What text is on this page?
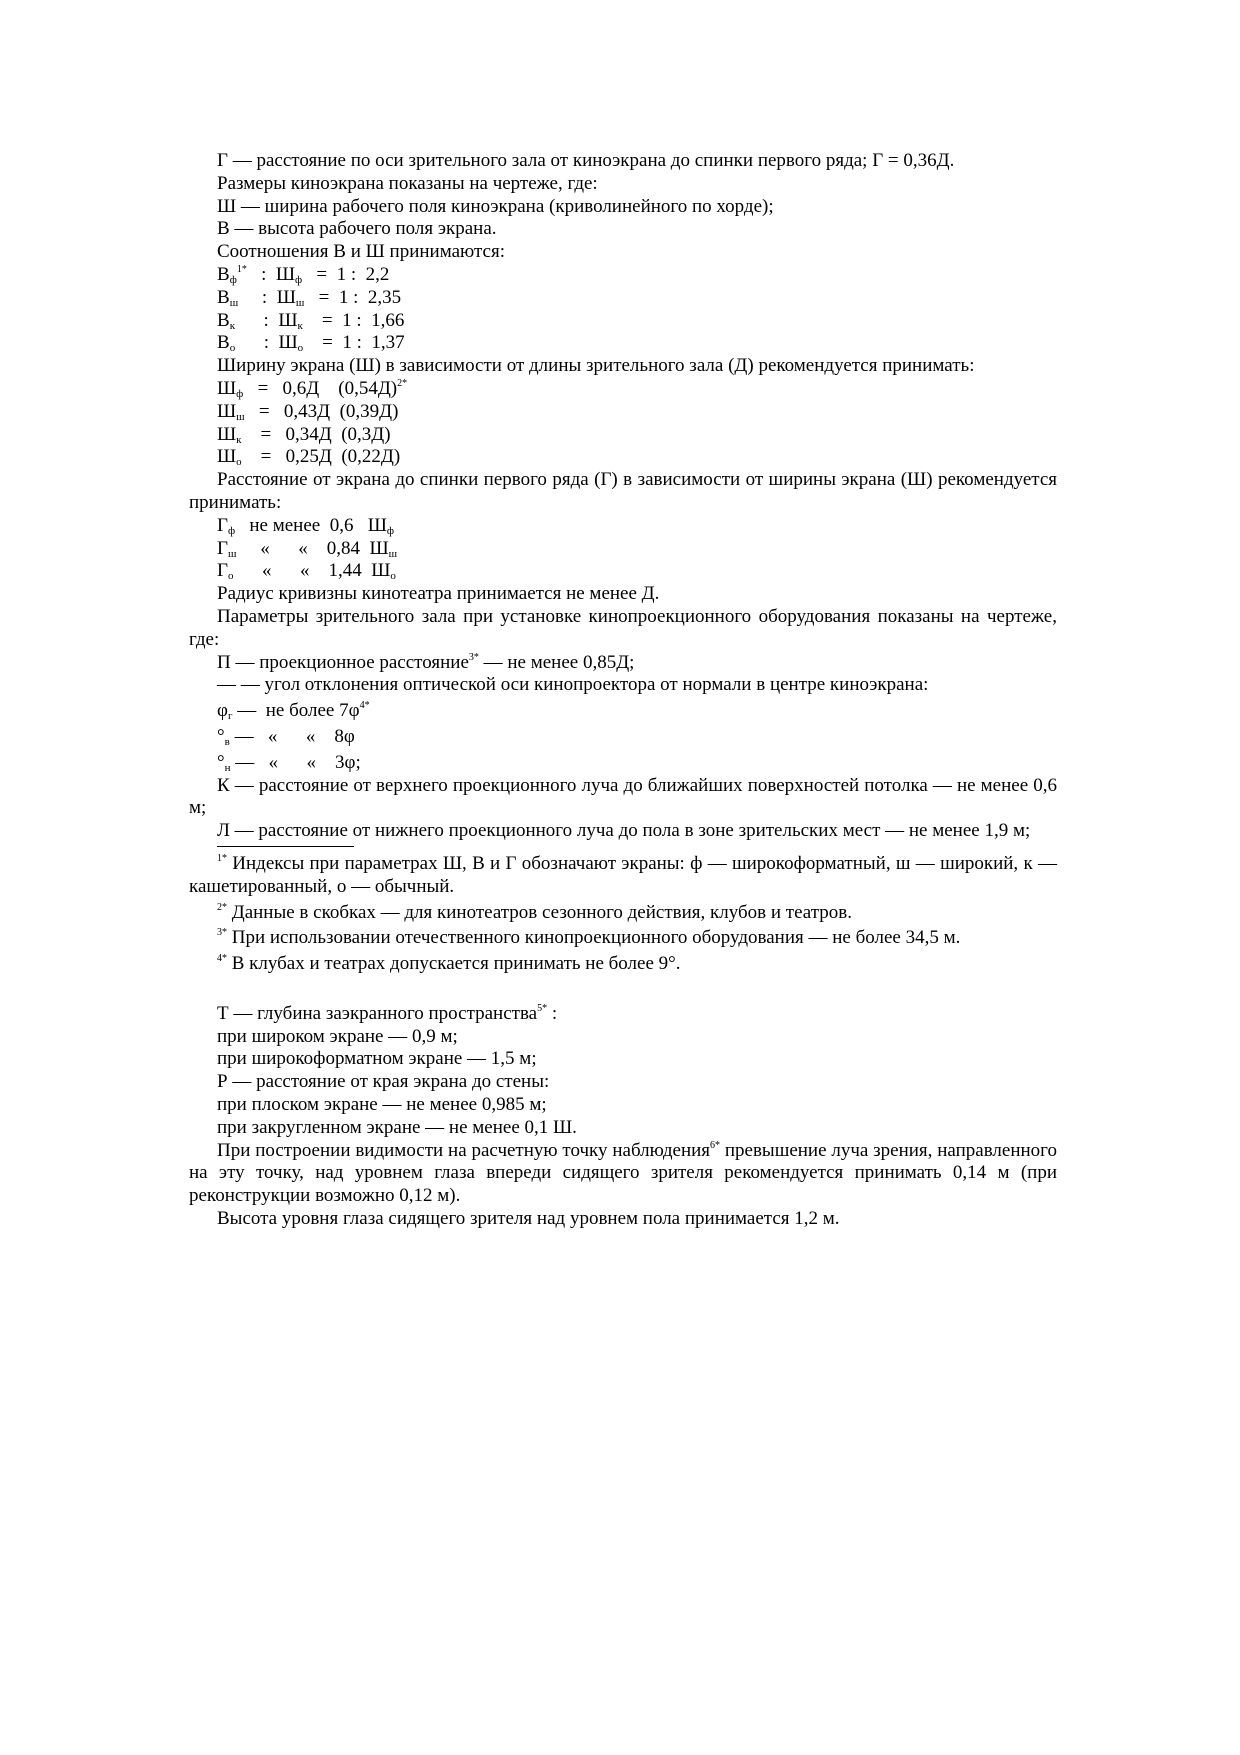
Г — расстояние по оси зрительного зала от киноэкрана до спинки первого ряда; Г = 0,36Д.

Размеры киноэкрана показаны на чертеже, где:

Ш — ширина рабочего поля киноэкрана (криволинейного по хорде);

В — высота рабочего поля экрана.

Соотношения В и Ш принимаются:

$В_ф^{1*}$   :  $Ш_ф = 1$ :  2,2

$В_ш$     :  $Ш_ш = 1$ :  2,35

$В_к$      :  $Ш_к$    =  1 :  1,66

$В_о$      :  $Ш_о$    =  1 :  1,37

Ширину экрана (Ш) в зависимости от длины зрительного зала (Д) рекомендуется принимать:

$Ш_ф = 0,6Д$    $(0,54Д)^{2*}$

$Ш_ш = 0,43Д$  (0,39Д)

$Ш_к$    =   0,34Д  (0,3Д)

$Ш_о$    =   0,25Д  (0,22Д)

Расстояние от экрана до спинки первого ряда (Г) в зависимости от ширины экрана (Ш) рекомендуется принимать:

$Г_ф$   не менее  0,6   $Ш_ф$

$Г_ш$     «      «    0,84  $Ш_ш$

$Г_о$      «      «    1,44  $Ш_о$

Радиус кривизны кинотеатра принимается не менее Д.

Параметры зрительного зала при установке кинопроекционного оборудования показаны на чертеже, где:

П — проекционное расстояние$^{3*}$ — не менее 0,85Д;

— — угол отклонения оптической оси кинопроектора от нормали в центре киноэкрана:

$\varphi_г$ —  не более $7\varphi^{4*}$

$^\circ_в$ —   «      «    8φ

$^\circ_н$ —   «      «    3φ;

К — расстояние от верхнего проекционного луча до ближайших поверхностей потолка — не менее 0,6 м;

Л — расстояние от нижнего проекционного луча до пола в зоне зрительских мест — не менее 1,9 м;

$^{1*}$ Индексы при параметрах Ш, В и Г обозначают экраны: ф — широкоформатный, ш — широкий, к — кашетированный, о — обычный.

$^{2*}$ Данные в скобках — для кинотеатров сезонного действия, клубов и театров.

$^{3*}$ При использовании отечественного кинопроекционного оборудования — не более 34,5 м.

$^{4*}$ В клубах и театрах допускается принимать не более 9°.

Т — глубина заэкранного пространства$^{5*}$ :

при широком экране — 0,9 м;

при широкоформатном экране — 1,5 м;

Р — расстояние от края экрана до стены:

при плоском экране — не менее 0,985 м;

при закругленном экране — не менее 0,1 Ш.

При построении видимости на расчетную точку наблюдения$^{6*}$ превышение луча зрения, направленного на эту точку, над уровнем глаза впереди сидящего зрителя рекомендуется принимать 0,14 м (при реконструкции возможно 0,12 м).

Высота уровня глаза сидящего зрителя над уровнем пола принимается 1,2 м.
